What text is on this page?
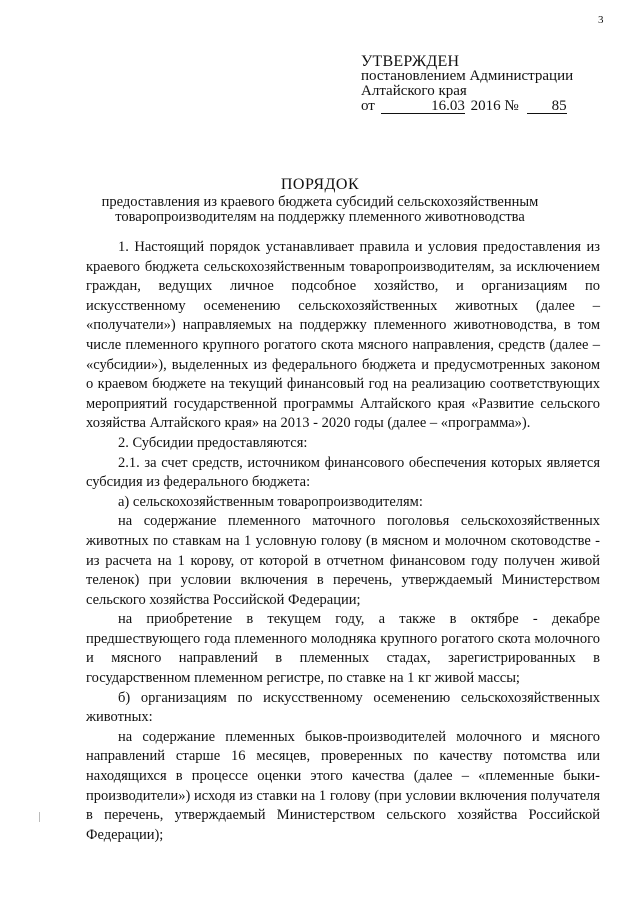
3
УТВЕРЖДЕН
постановлением Администрации
Алтайского края
от	16.03 2016 № 85
ПОРЯДОК
предоставления из краевого бюджета субсидий сельскохозяйственным
товаропроизводителям на поддержку племенного животноводства

1. Настоящий порядок устанавливает правила и условия предоставления из краевого бюджета сельскохозяйственным товаропроизводителям, за исключением граждан, ведущих личное подсобное хозяйство, и организациям по искусственному осеменению сельскохозяйственных животных (далее – «получатели») направляемых на поддержку племенного животноводства, в том числе племенного крупного рогатого скота мясного направления, средств (далее – «субсидии»), выделенных из федерального бюджета и предусмотренных законом о краевом бюджете на текущий финансовый год на реализацию соответствующих мероприятий государственной программы Алтайского края «Развитие сельского хозяйства Алтайского края» на 2013 - 2020 годы (далее – «программа»).

2. Субсидии предоставляются:

2.1. за счет средств, источником финансового обеспечения которых является субсидия из федерального бюджета:

а) сельскохозяйственным товаропроизводителям:

на содержание племенного маточного поголовья сельскохозяйственных животных по ставкам на 1 условную голову (в мясном и молочном скотоводстве - из расчета на 1 корову, от которой в отчетном финансовом году получен живой теленок) при условии включения в перечень, утверждаемый Министерством сельского хозяйства Российской Федерации;

на приобретение в текущем году, а также в октябре - декабре предшествующего года племенного молодняка крупного рогатого скота молочного и мясного направлений в племенных стадах, зарегистрированных в государственном племенном регистре, по ставке на 1 кг живой массы;

б) организациям по искусственному осеменению сельскохозяйственных животных:

на содержание племенных быков-производителей молочного и мясного направлений старше 16 месяцев, проверенных по качеству потомства или находящихся в процессе оценки этого качества (далее – «племенные быки-производители») исходя из ставки на 1 голову (при условии включения получателя в перечень, утверждаемый Министерством сельского хозяйства Российской Федерации);
